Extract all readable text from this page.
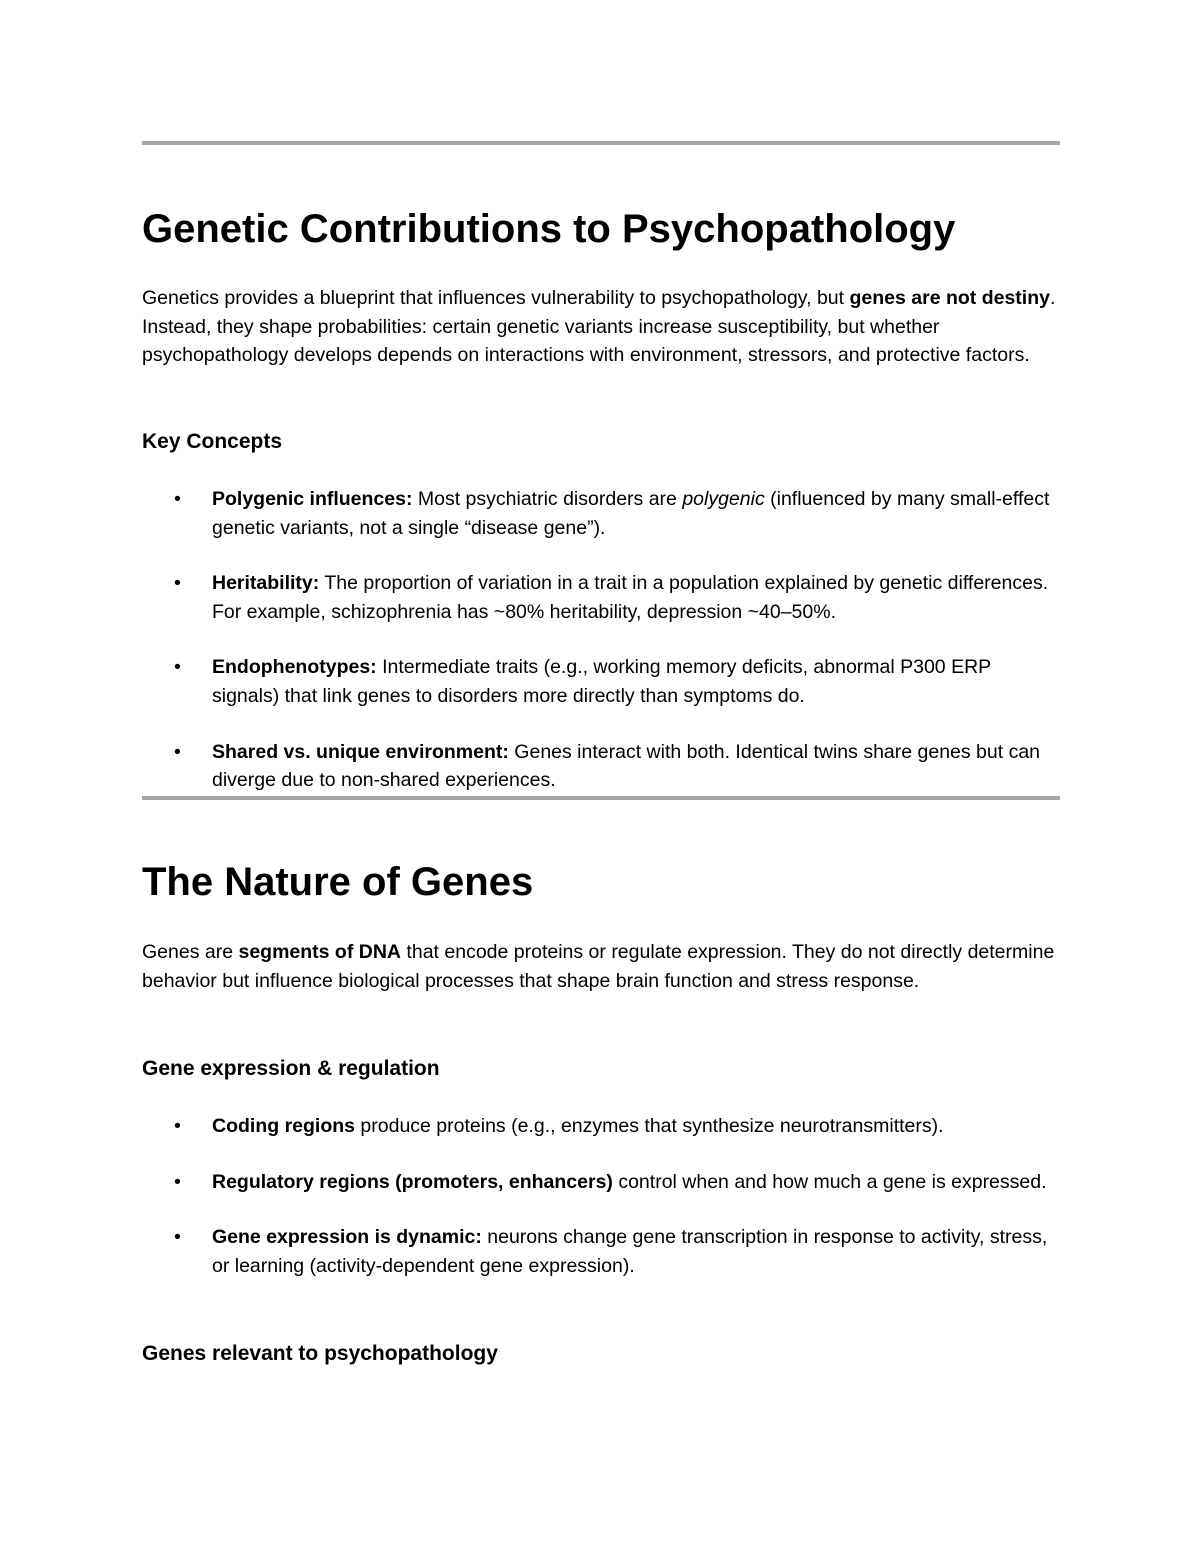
Genetic Contributions to Psychopathology

Genetics provides a blueprint that influences vulnerability to psychopathology, but genes are not destiny. Instead, they shape probabilities: certain genetic variants increase susceptibility, but whether psychopathology develops depends on interactions with environment, stressors, and protective factors.

Key Concepts
• Polygenic influences: Most psychiatric disorders are polygenic (influenced by many small-effect genetic variants, not a single “disease gene”).
• Heritability: The proportion of variation in a trait in a population explained by genetic differences. For example, schizophrenia has ~80% heritability, depression ~40–50%.
• Endophenotypes: Intermediate traits (e.g., working memory deficits, abnormal P300 ERP signals) that link genes to disorders more directly than symptoms do.
• Shared vs. unique environment: Genes interact with both. Identical twins share genes but can diverge due to non-shared experiences.
The Nature of Genes

Genes are segments of DNA that encode proteins or regulate expression. They do not directly determine behavior but influence biological processes that shape brain function and stress response.

Gene expression & regulation
• Coding regions produce proteins (e.g., enzymes that synthesize neurotransmitters).
• Regulatory regions (promoters, enhancers) control when and how much a gene is expressed.
• Gene expression is dynamic: neurons change gene transcription in response to activity, stress, or learning (activity-dependent gene expression).
Genes relevant to psychopathology
